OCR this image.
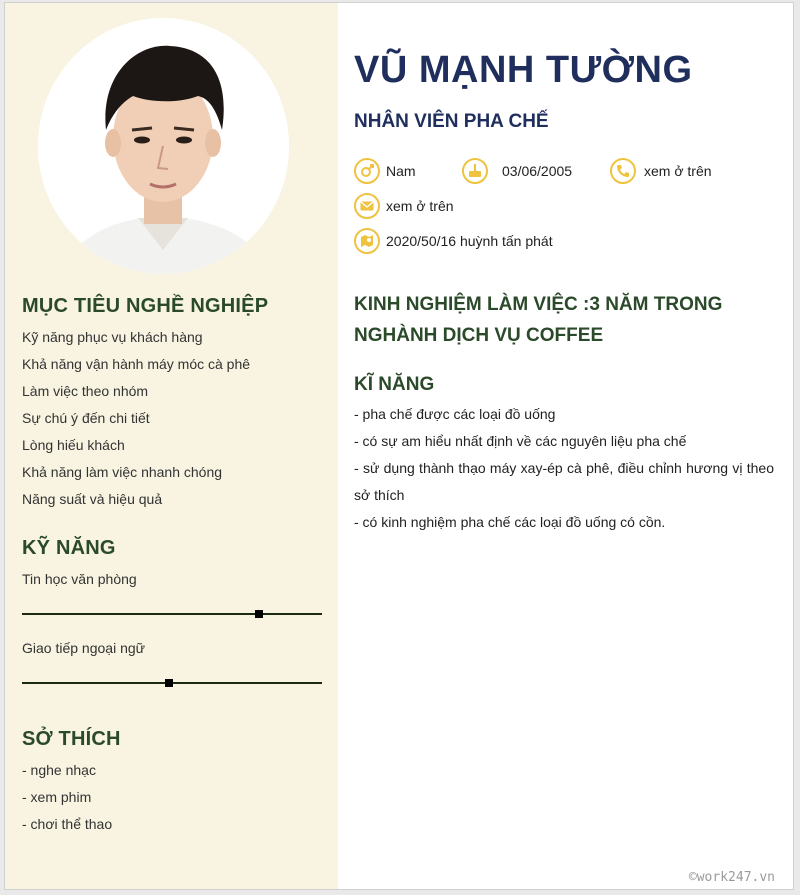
MỤC TIÊU NGHỀ NGHIỆP
Kỹ năng phục vụ khách hàng
Khả năng vận hành máy móc cà phê
Làm việc theo nhóm
Sự chú ý đến chi tiết
Lòng hiếu khách
Khả năng làm việc nhanh chóng
Năng suất và hiệu quả
KỸ NĂNG
Tin học văn phòng
Giao tiếp ngoại ngữ
SỞ THÍCH
- nghe nhạc
- xem phim
- chơi thể thao
VŨ MẠNH TƯỜNG
NHÂN VIÊN PHA CHẾ
Nam	03/06/2005	xem ở trên
xem ở trên
2020/50/16 huỳnh tấn phát
KINH NGHIỆM LÀM VIỆC :3 NĂM TRONG NGHÀNH DỊCH VỤ COFFEE
KĨ NĂNG
- pha chế được các loại đồ uống
- có sự am hiểu nhất định về các nguyên liệu pha chế
- sử dụng thành thạo máy xay-ép cà phê, điều chỉnh hương vị theo sở thích
- có kinh nghiệm pha chế các loại đồ uống có cồn.
©work247.vn
